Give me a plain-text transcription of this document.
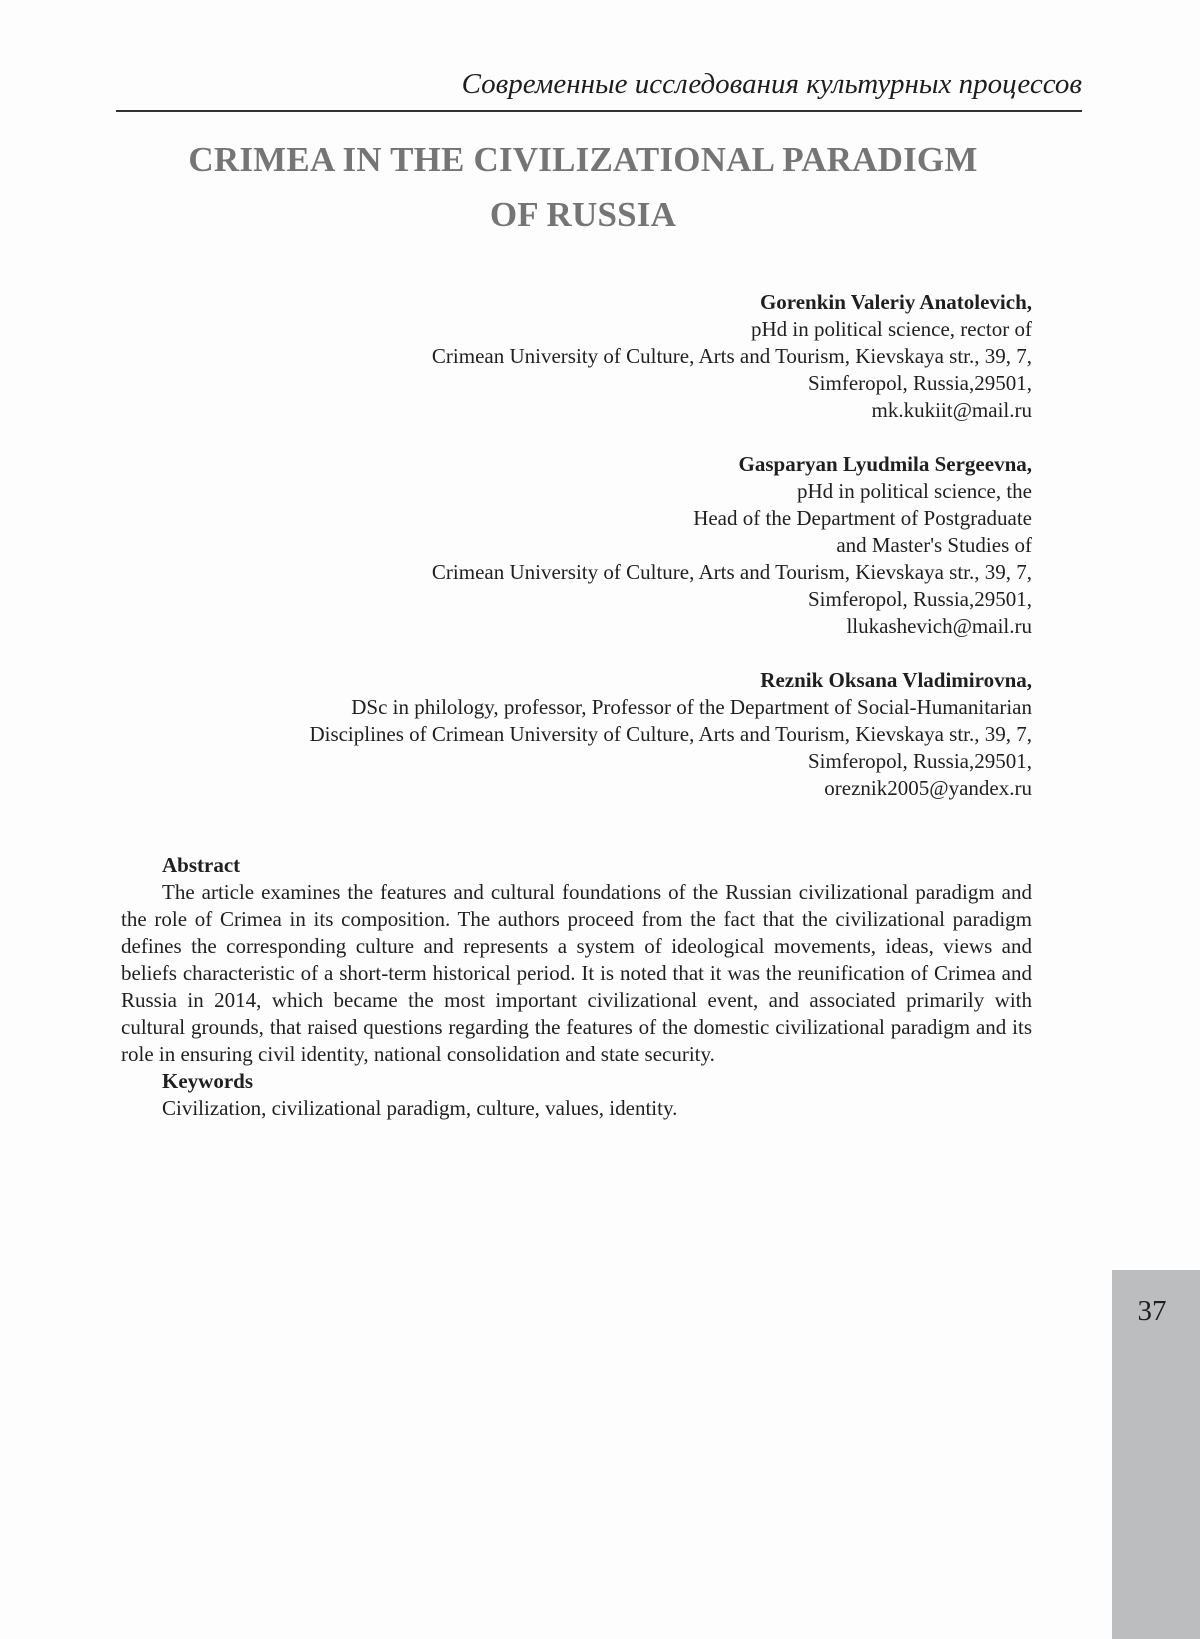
Современные исследования культурных процессов
CRIMEA IN THE CIVILIZATIONAL PARADIGM
OF RUSSIA
Gorenkin Valeriy Anatolevich,
pHd in political science, rector of
Crimean University of Culture, Arts and Tourism, Kievskaya str., 39, 7,
Simferopol, Russia,29501,
mk.kukiit@mail.ru
Gasparyan Lyudmila Sergeevna,
pHd in political science, the
Head of the Department of Postgraduate
and Master's Studies of
Crimean University of Culture, Arts and Tourism, Kievskaya str., 39, 7,
Simferopol, Russia,29501,
llukashevich@mail.ru
Reznik Oksana Vladimirovna,
DSc in philology, professor, Professor of the Department of Social-Humanitarian
Disciplines of Crimean University of Culture, Arts and Tourism, Kievskaya str., 39, 7,
Simferopol, Russia,29501,
oreznik2005@yandex.ru
Abstract

The article examines the features and cultural foundations of the Russian civilizational paradigm and the role of Crimea in its composition. The authors proceed from the fact that the civilizational paradigm defines the corresponding culture and represents a system of ideological movements, ideas, views and beliefs characteristic of a short-term historical period. It is noted that it was the reunification of Crimea and Russia in 2014, which became the most important civilizational event, and associated primarily with cultural grounds, that raised questions regarding the features of the domestic civilizational paradigm and its role in ensuring civil identity, national consolidation and state security.

Keywords

Civilization, civilizational paradigm, culture, values, identity.

37
